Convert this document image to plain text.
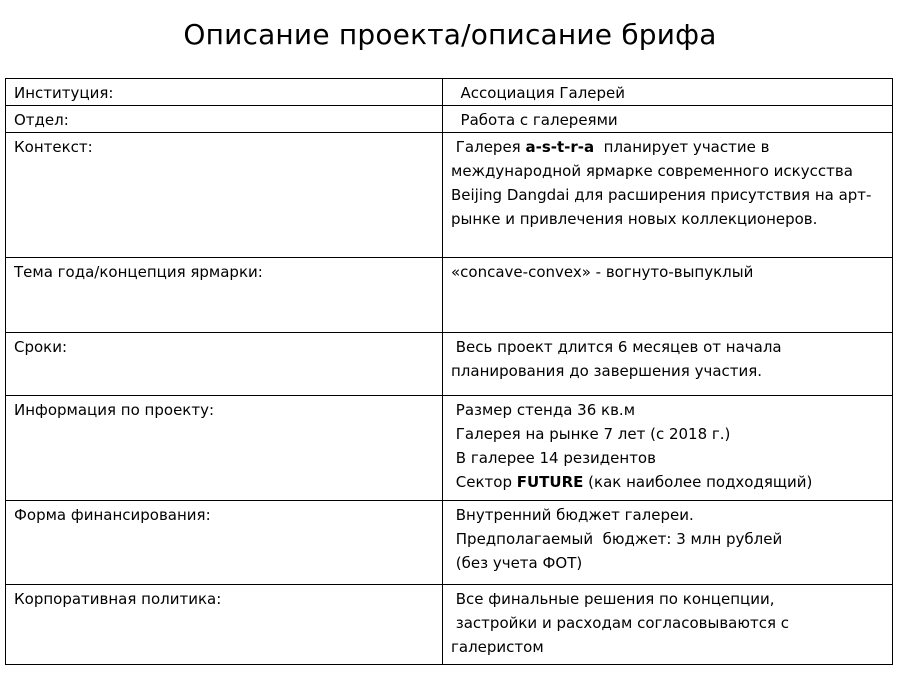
Описание проекта/описание брифа
Институция:	Ассоциация Галерей

Отдел:	Работа с галереями

Контекст:	Галерея a-s-t-r-a  планирует участие в
международной ярмарке современного искусства
Beijing Dangdai для расширения присутствия на арт-
рынке и привлечения новых коллекционеров.

Тема года/концепция ярмарки:	«concave-convex» - вогнуто-выпуклый

Сроки:	Весь проект длится 6 месяцев от начала
планирования до завершения участия.

Информация по проекту:	Размер стенда 36 кв.м
Галерея на рынке 7 лет (с 2018 г.)
В галерее 14 резидентов
Сектор FUTURE (как наиболее подходящий)

Форма финансирования:	Внутренний бюджет галереи.
Предполагаемый  бюджет: 3 млн рублей
(без учета ФОТ)

Корпоративная политика:	Все финальные решения по концепции,
застройки и расходам согласовываются с
галеристом
